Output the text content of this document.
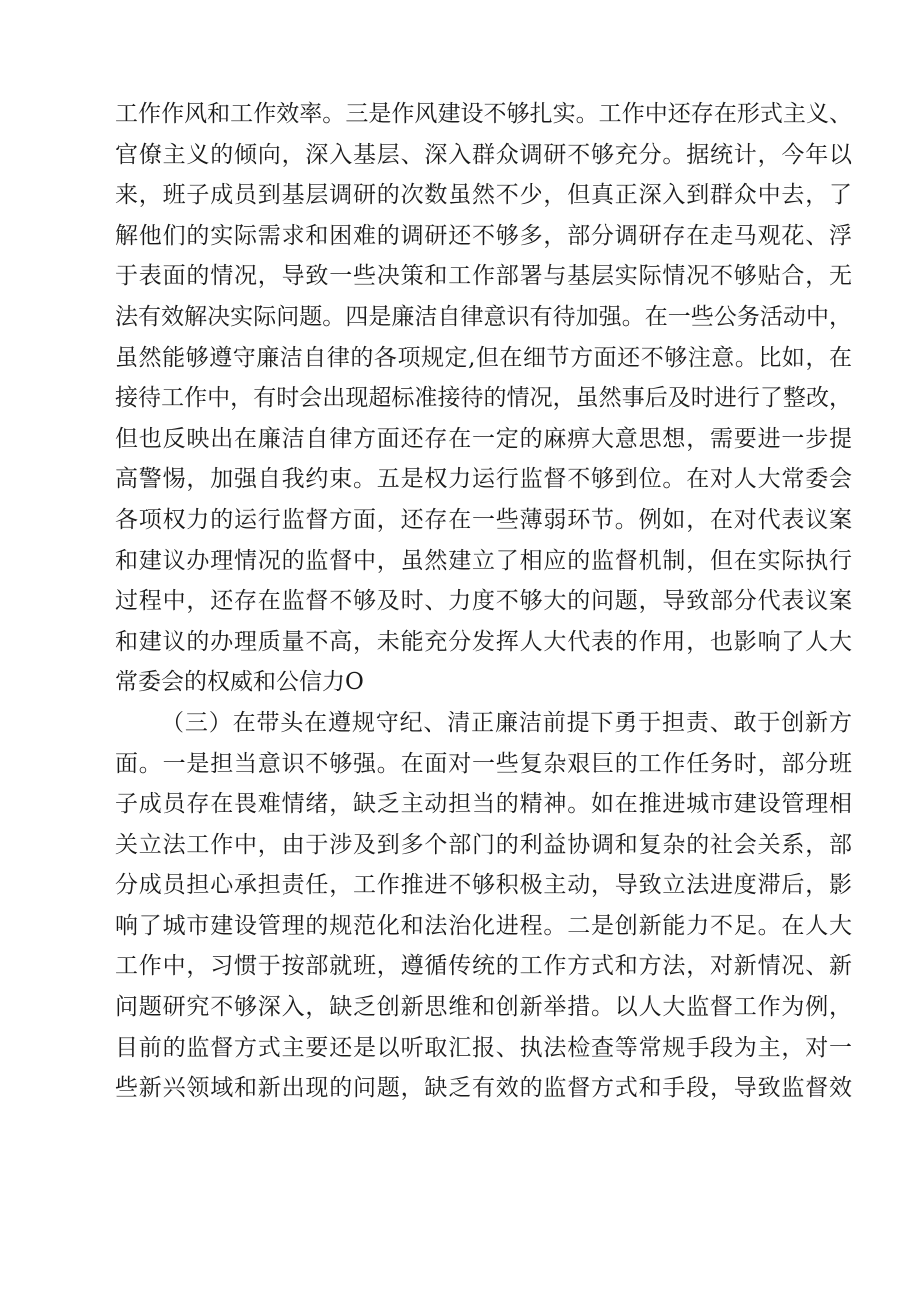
工作作风和工作效率。三是作风建设不够扎实。工作中还存在形式主义、
官僚主义的倾向，深入基层、深入群众调研不够充分。据统计，今年以
来，班子成员到基层调研的次数虽然不少，但真正深入到群众中去，了
解他们的实际需求和困难的调研还不够多，部分调研存在走马观花、浮
于表面的情况，导致一些决策和工作部署与基层实际情况不够贴合，无
法有效解决实际问题。四是廉洁自律意识有待加强。在一些公务活动中，
虽然能够遵守廉洁自律的各项规定,但在细节方面还不够注意。比如，在
接待工作中，有时会出现超标准接待的情况，虽然事后及时进行了整改，
但也反映出在廉洁自律方面还存在一定的麻痹大意思想，需要进一步提
高警惕，加强自我约束。五是权力运行监督不够到位。在对人大常委会
各项权力的运行监督方面，还存在一些薄弱环节。例如，在对代表议案
和建议办理情况的监督中，虽然建立了相应的监督机制，但在实际执行
过程中，还存在监督不够及时、力度不够大的问题，导致部分代表议案
和建议的办理质量不高，未能充分发挥人大代表的作用，也影响了人大
常委会的权威和公信力O
（三）在带头在遵规守纪、清正廉洁前提下勇于担责、敢于创新方
面。一是担当意识不够强。在面对一些复杂艰巨的工作任务时，部分班
子成员存在畏难情绪，缺乏主动担当的精神。如在推进城市建设管理相
关立法工作中，由于涉及到多个部门的利益协调和复杂的社会关系，部
分成员担心承担责任，工作推进不够积极主动，导致立法进度滞后，影
响了城市建设管理的规范化和法治化进程。二是创新能力不足。在人大
工作中，习惯于按部就班，遵循传统的工作方式和方法，对新情况、新
问题研究不够深入，缺乏创新思维和创新举措。以人大监督工作为例，
目前的监督方式主要还是以听取汇报、执法检查等常规手段为主，对一
些新兴领域和新出现的问题，缺乏有效的监督方式和手段，导致监督效
